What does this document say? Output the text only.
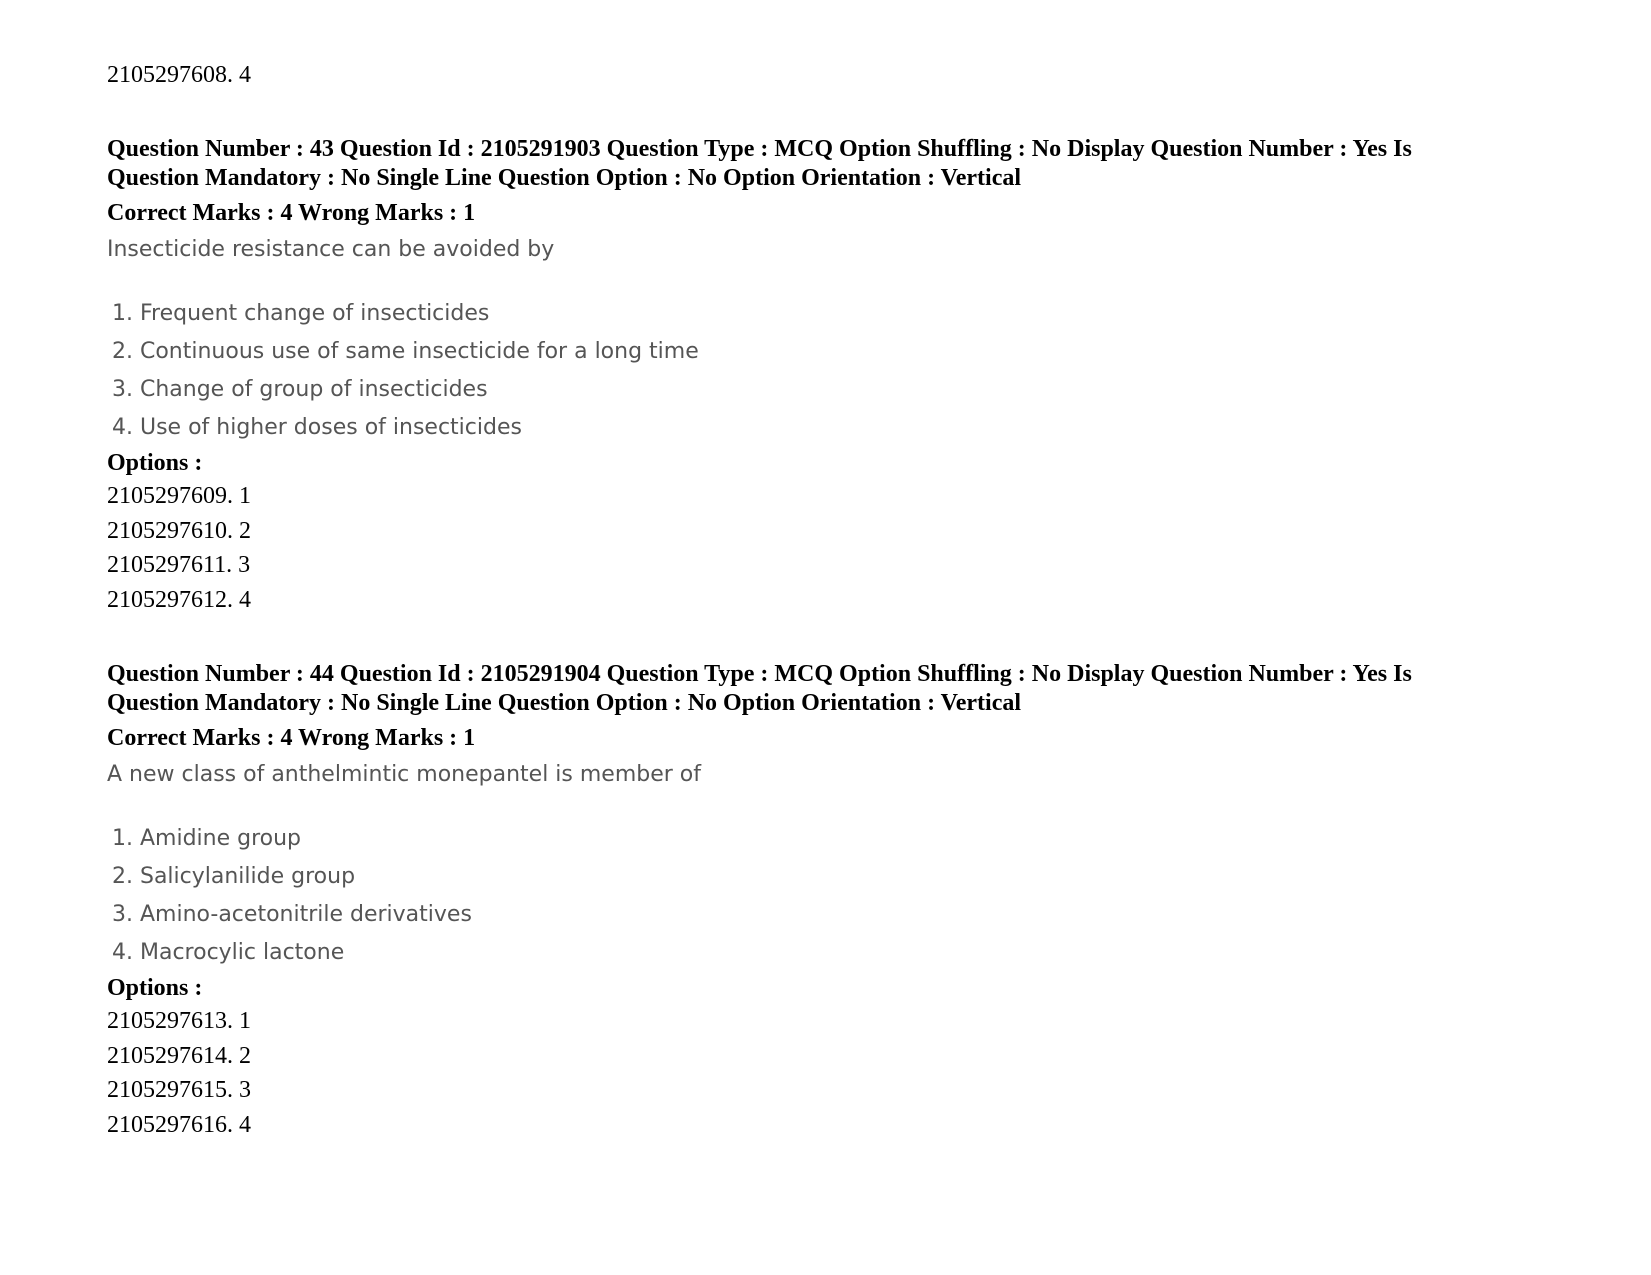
2105297608. 4
Question Number : 43 Question Id : 2105291903 Question Type : MCQ Option Shuffling : No Display Question Number : Yes Is
Question Mandatory : No Single Line Question Option : No Option Orientation : Vertical
Correct Marks : 4 Wrong Marks : 1
Insecticide resistance can be avoided by
1. Frequent change of insecticides
2. Continuous use of same insecticide for a long time
3. Change of group of insecticides
4. Use of higher doses of insecticides
Options :
2105297609. 1
2105297610. 2
2105297611. 3
2105297612. 4
Question Number : 44 Question Id : 2105291904 Question Type : MCQ Option Shuffling : No Display Question Number : Yes Is
Question Mandatory : No Single Line Question Option : No Option Orientation : Vertical
Correct Marks : 4 Wrong Marks : 1
A new class of anthelmintic monepantel is member of
1. Amidine group
2. Salicylanilide group
3. Amino-acetonitrile derivatives
4. Macrocylic lactone
Options :
2105297613. 1
2105297614. 2
2105297615. 3
2105297616. 4
